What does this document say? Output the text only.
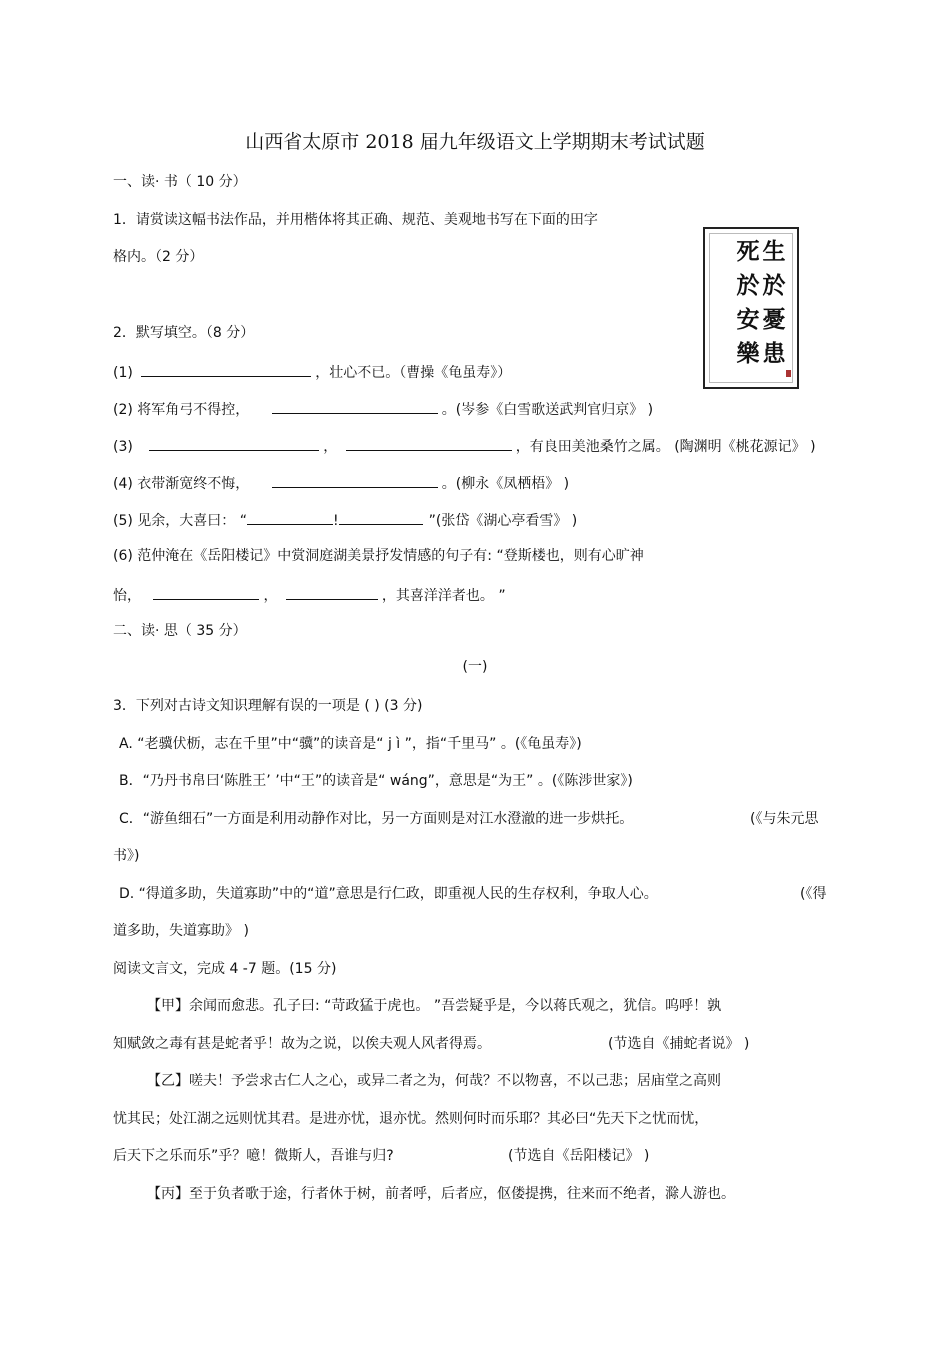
山西省太原市 2018 届九年级语文上学期期末考试试题
一、读· 书（ 10 分）
1．请赏读这幅书法作品，并用楷体将其正确、规范、美观地书写在下面的田字
格内。（2 分）	生於憂患
死於安樂
2．默写填空。（8 分）
(1)	，壮心不已。（曹操《龟虽寿》）
(2) 将军角弓不得控，	。(岑参《白雪歌送武判官归京》 )
(3)	，	，有良田美池桑竹之属。 (陶渊明《桃花源记》 )
(4) 衣带渐宽终不悔，	。(柳永《凤栖梧》 )
(5) 见余，大喜曰： “	!	”(张岱《湖心亭看雪》 )
(6) 范仲淹在《岳阳楼记》中赏洞庭湖美景抒发情感的句子有: “登斯楼也，则有心旷神
怡，	，	，其喜洋洋者也。 ”
二、读· 思（ 35 分）
(一)
3．下列对古诗文知识理解有误的一项是 ( ) (3 分)
A. “老骥伏枥，志在千里”中“骥”的读音是“ j ì ”，指“千里马” 。(《龟虽寿》)
B．“乃丹书帛曰‘陈胜王’ ’中“王”的读音是“ wáng”，意思是“为王” 。(《陈涉世家》)
C．“游鱼细石”一方面是利用动静作对比，另一方面则是对江水澄澈的进一步烘托。	(《与朱元思
书》)
D. “得道多助，失道寡助”中的“道”意思是行仁政，即重视人民的生存权利，争取人心。	(《得
道多助，失道寡助》 )
阅读文言文，完成 4 -7 题。(15 分)
【甲】余闻而愈悲。孔子曰: “苛政猛于虎也。 ”吾尝疑乎是，今以蒋氏观之，犹信。呜呼！孰
知赋敛之毒有甚是蛇者乎！故为之说，以俟夫观人风者得焉。	(节选自《捕蛇者说》 )
【乙】嗟夫！予尝求古仁人之心，或异二者之为，何哉？不以物喜，不以己悲；居庙堂之高则
忧其民；处江湖之远则忧其君。是进亦忧，退亦忧。然则何时而乐耶？其必曰“先天下之忧而忧，
后天下之乐而乐”乎？噫！微斯人，吾谁与归?	(节选自《岳阳楼记》 )
【丙】至于负者歌于途，行者休于树，前者呼，后者应，伛偻提携，往来而不绝者，滁人游也。
